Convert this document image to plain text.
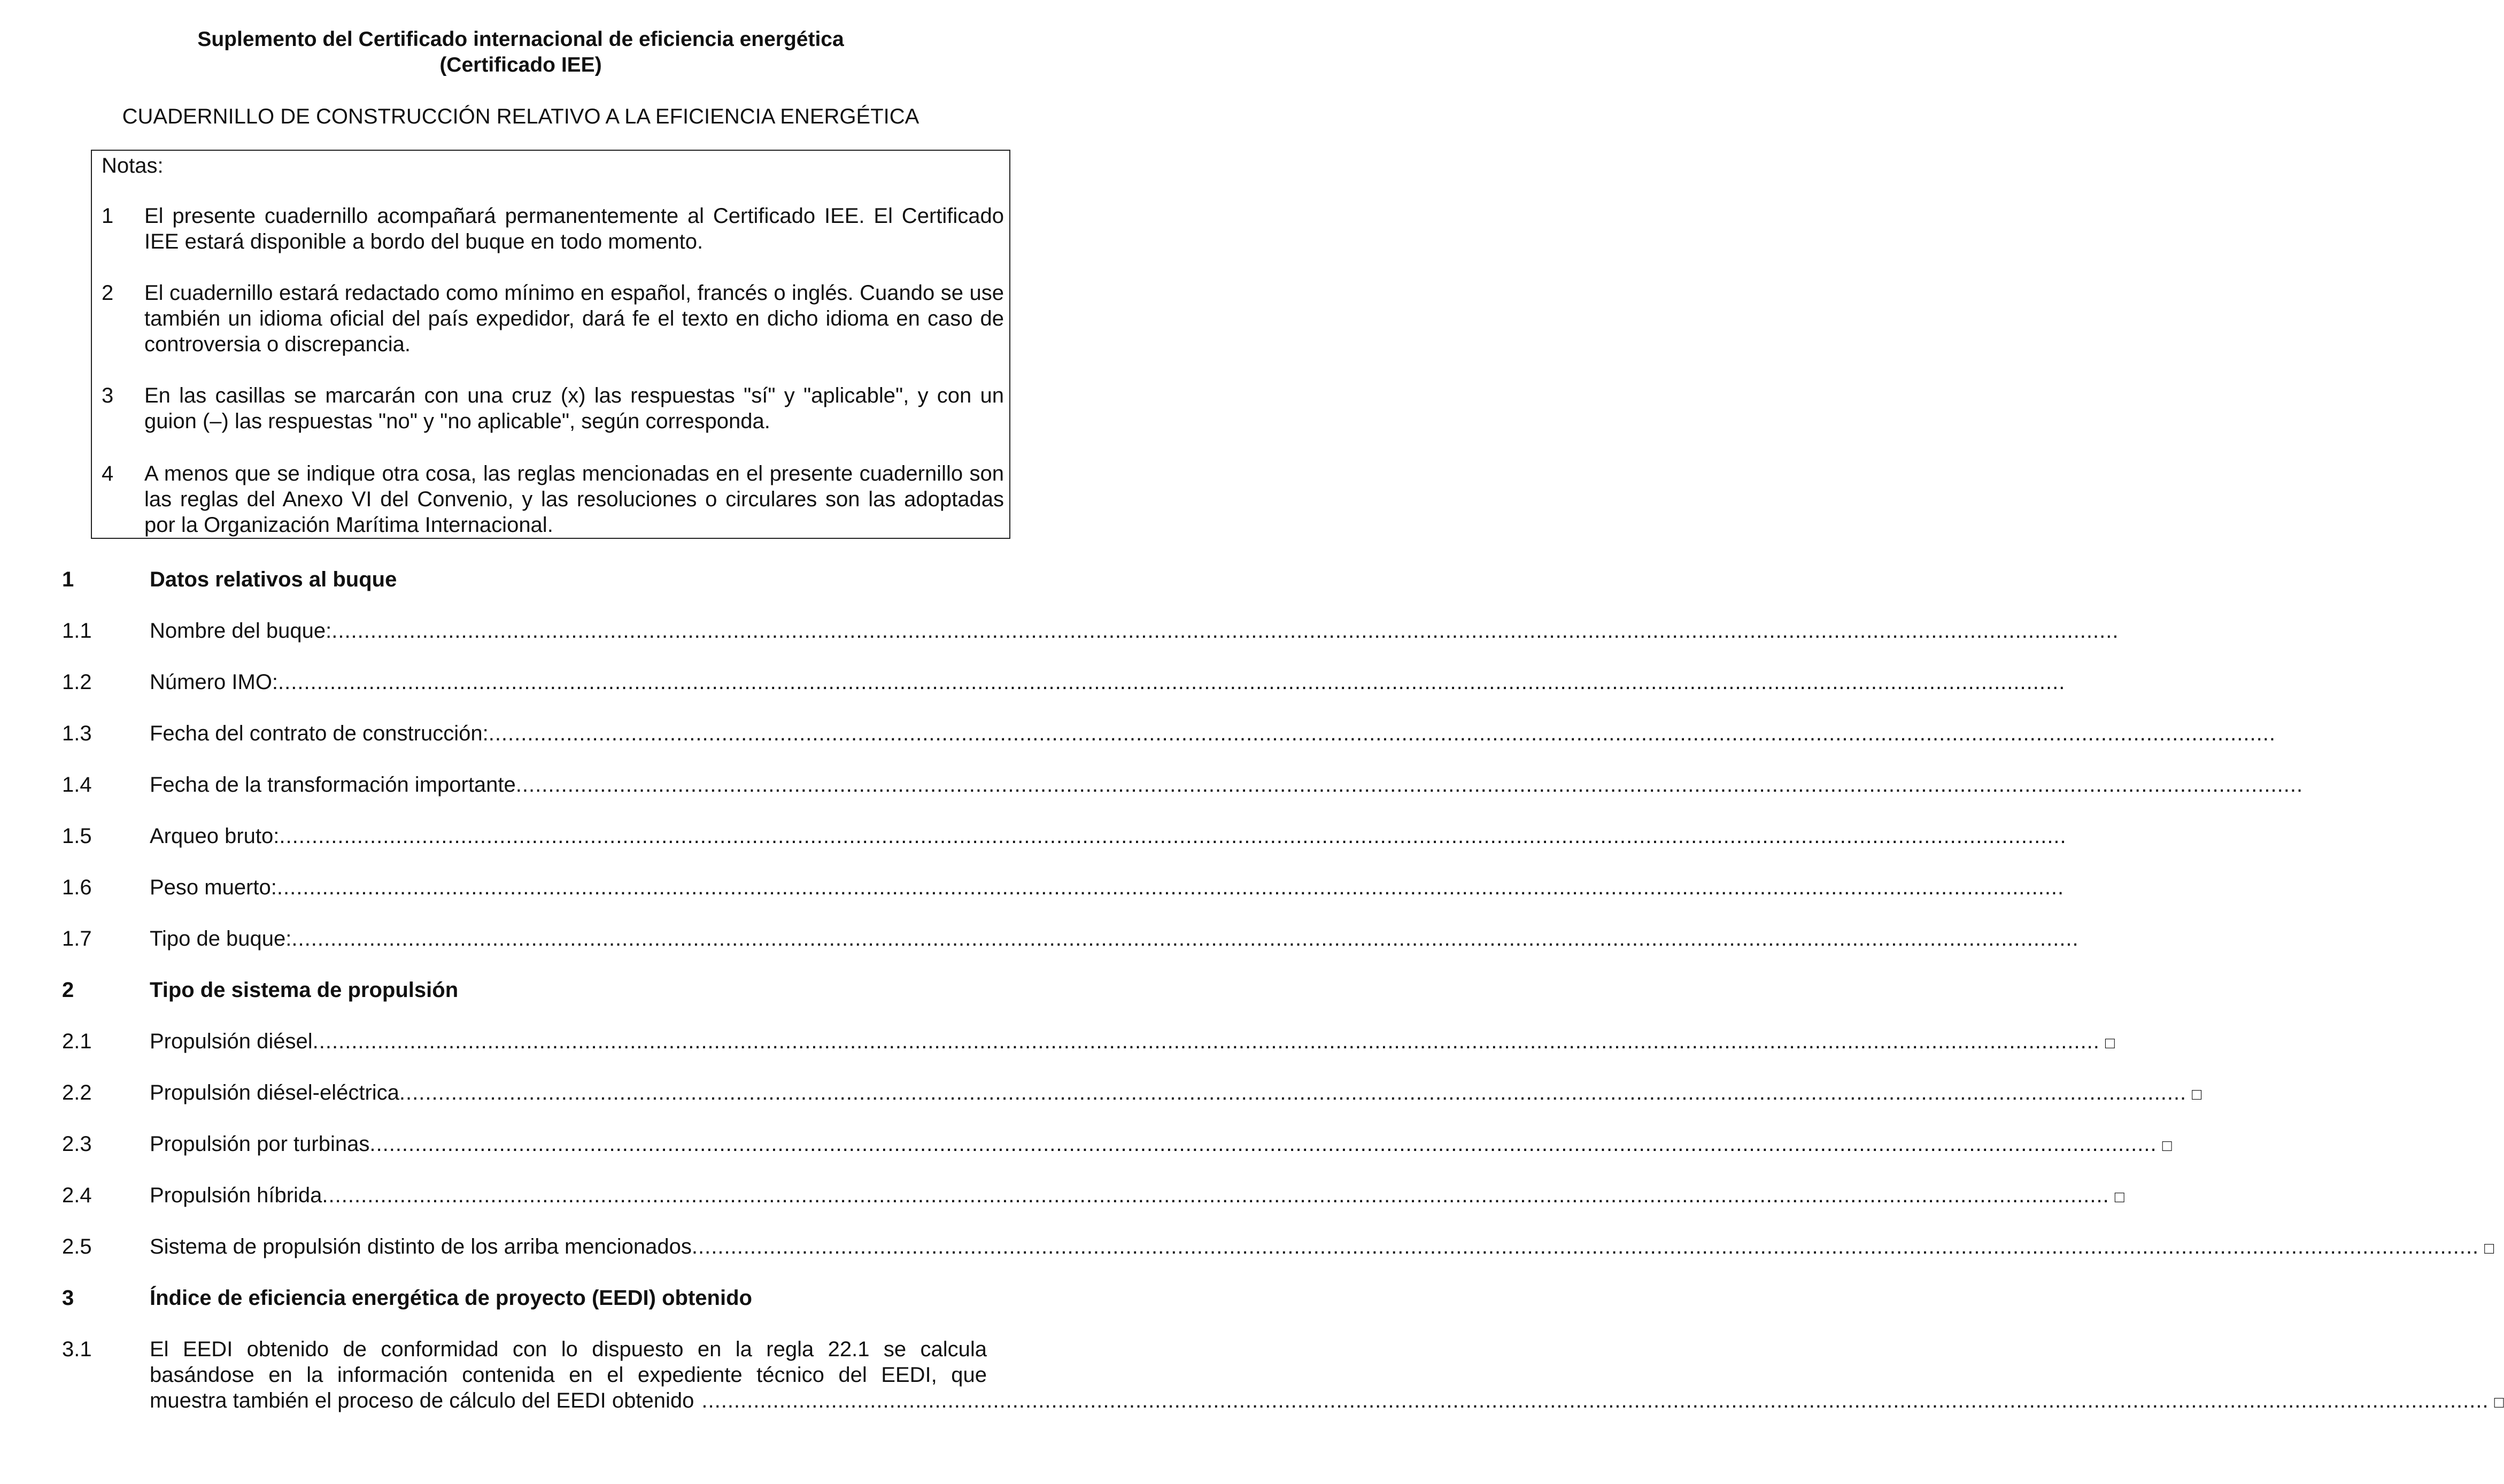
Suplemento del Certificado internacional de eficiencia energética
(Certificado IEE)
CUADERNILLO DE CONSTRUCCIÓN RELATIVO A LA EFICIENCIA ENERGÉTICA
Notas:
1	El presente cuadernillo acompañará permanentemente al Certificado IEE. El Certificado IEE estará disponible a bordo del buque en todo momento.
2	El cuadernillo estará redactado como mínimo en español, francés o inglés. Cuando se use también un idioma oficial del país expedidor, dará fe el texto en dicho idioma en caso de controversia o discrepancia.
3	En las casillas se marcarán con una cruz (x) las respuestas "sí" y "aplicable", y con un guion (–) las respuestas "no" y "no aplicable", según corresponda.
4	A menos que se indique otra cosa, las reglas mencionadas en el presente cuadernillo son las reglas del Anexo VI del Convenio, y las resoluciones o circulares son las adoptadas por la Organización Marítima Internacional.
1	Datos relativos al buque
1.1	Nombre del buque: ....................................................................................................................................................................................................................................................................................
1.2	Número IMO: ....................................................................................................................................................................................................................................................................................
1.3	Fecha del contrato de construcción: ....................................................................................................................................................................................................................................................................................
1.4	Fecha de la transformación importante ....................................................................................................................................................................................................................................................................................
1.5	Arqueo bruto: ....................................................................................................................................................................................................................................................................................
1.6	Peso muerto: ....................................................................................................................................................................................................................................................................................
1.7	Tipo de buque: ....................................................................................................................................................................................................................................................................................
2	Tipo de sistema de propulsión
2.1	Propulsión diésel .................................................................................................................................................................................................................................................................................... □
2.2	Propulsión diésel-eléctrica .................................................................................................................................................................................................................................................................................... □
2.3	Propulsión por turbinas .................................................................................................................................................................................................................................................................................... □
2.4	Propulsión híbrida .................................................................................................................................................................................................................................................................................... □
2.5	Sistema de propulsión distinto de los arriba mencionados .................................................................................................................................................................................................................................................................................... □
3	Índice de eficiencia energética de proyecto (EEDI) obtenido
3.1	El EEDI obtenido de conformidad con lo dispuesto en la regla 22.1 se calcula
basándose en la información contenida en el expediente técnico del EEDI, que
muestra también el proceso de cálculo del EEDI obtenido .................................................................................................................................................................................................................................................................................... □
